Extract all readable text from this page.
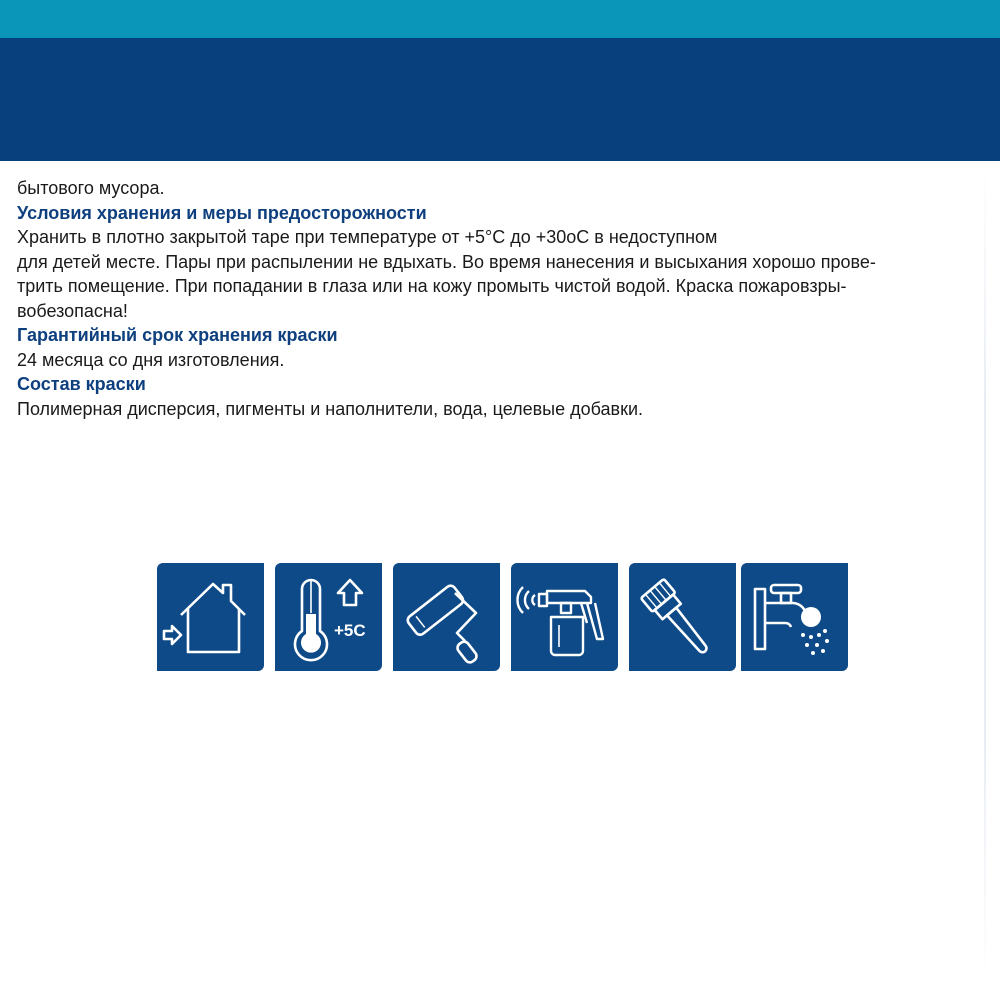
бытового мусора.
Условия хранения и меры предосторожности
Хранить в плотно закрытой таре при температуре от +5°С до +30оС в недоступном
для детей месте. Пары при распылении не вдыхать. Во время нанесения и высыхания хорошо прове-
трить помещение. При попадании в глаза или на кожу промыть чистой водой. Краска пожаровзры-
вобезопасна!
Гарантийный срок хранения краски
24 месяца со дня изготовления.
Состав краски
Полимерная дисперсия, пигменты и наполнители, вода, целевые добавки.
+5C
